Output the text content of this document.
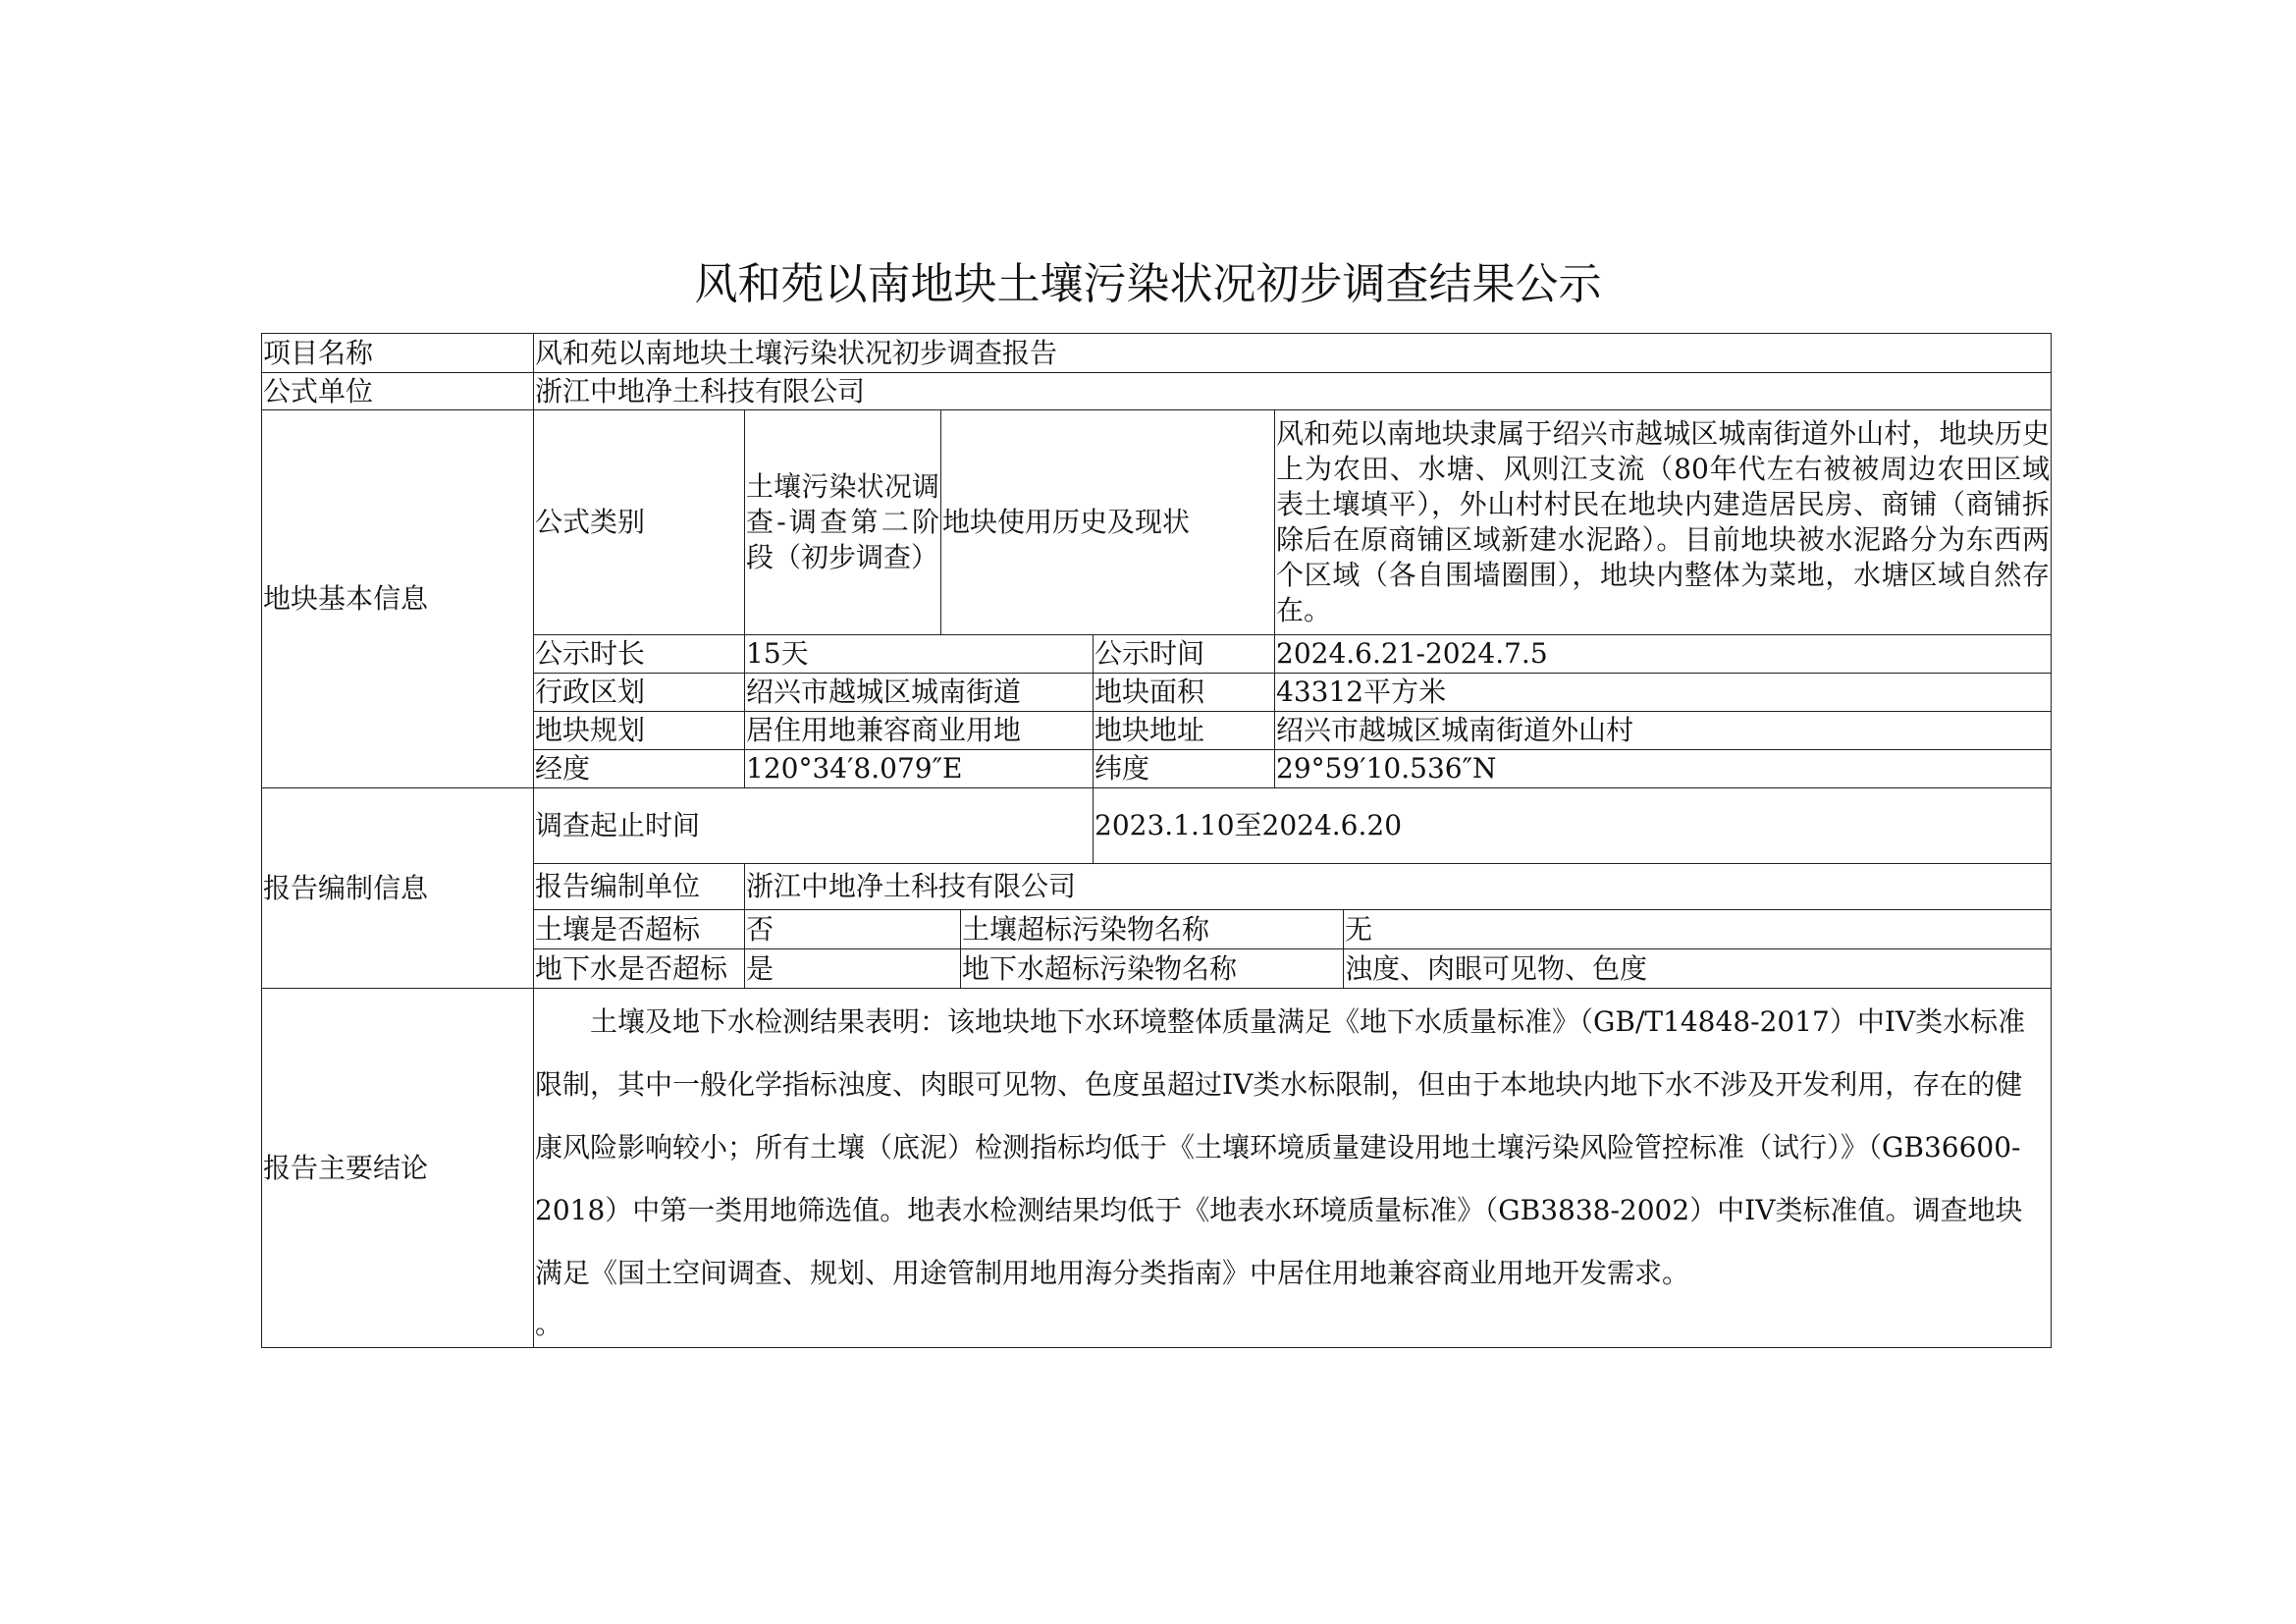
风和苑以南地块土壤污染状况初步调查结果公示
项目名称	风和苑以南地块土壤污染状况初步调查报告				
公式单位	浙江中地净土科技有限公司				
地块基本信息	公式类别	土壤污染状况调查-调查第二阶段（初步调查）	地块使用历史及现状		风和苑以南地块隶属于绍兴市越城区城南街道外山村，地块历史上为农田、水塘、风则江支流（80年代左右被被周边农田区域表土壤填平），外山村村民在地块内建造居民房、商铺（商铺拆除后在原商铺区域新建水泥路）。目前地块被水泥路分为东西两个区域（各自围墙圈围），地块内整体为菜地，水塘区域自然存在。
	公示时长	15天		公示时间	2024.6.21-2024.7.5
	行政区划	绍兴市越城区城南街道		地块面积	43312平方米
	地块规划	居住用地兼容商业用地		地块地址	绍兴市越城区城南街道外山村
	经度	120°34′8.079″E		纬度	29°59′10.536″N
报告编制信息	调查起止时间			2023.1.10至2024.6.20	
	报告编制单位	浙江中地净土科技有限公司			
	土壤是否超标	否 土壤超标污染物名称 无			

	地下水是否超标	是 地下水超标污染物名称 浊度、肉眼可见物、色度			

报告主要结论	土壤及地下水检测结果表明：该地块地下水环境整体质量满足《地下水质量标准》（GB/T14848-2017）中IV类水标准限制，其中一般化学指标浊度、肉眼可见物、色度虽超过IV类水标限制，但由于本地块内地下水不涉及开发利用，存在的健康风险影响较小；所有土壤（底泥）检测指标均低于《土壤环境质量建设用地土壤污染风险管控标准（试行）》（GB36600-2018）中第一类用地筛选值。地表水检测结果均低于《地表水环境质量标准》（GB3838-2002）中IV类标准值。调查地块满足《国土空间调查、规划、用途管制用地用海分类指南》中居住用地兼容商业用地开发需求。

。				
